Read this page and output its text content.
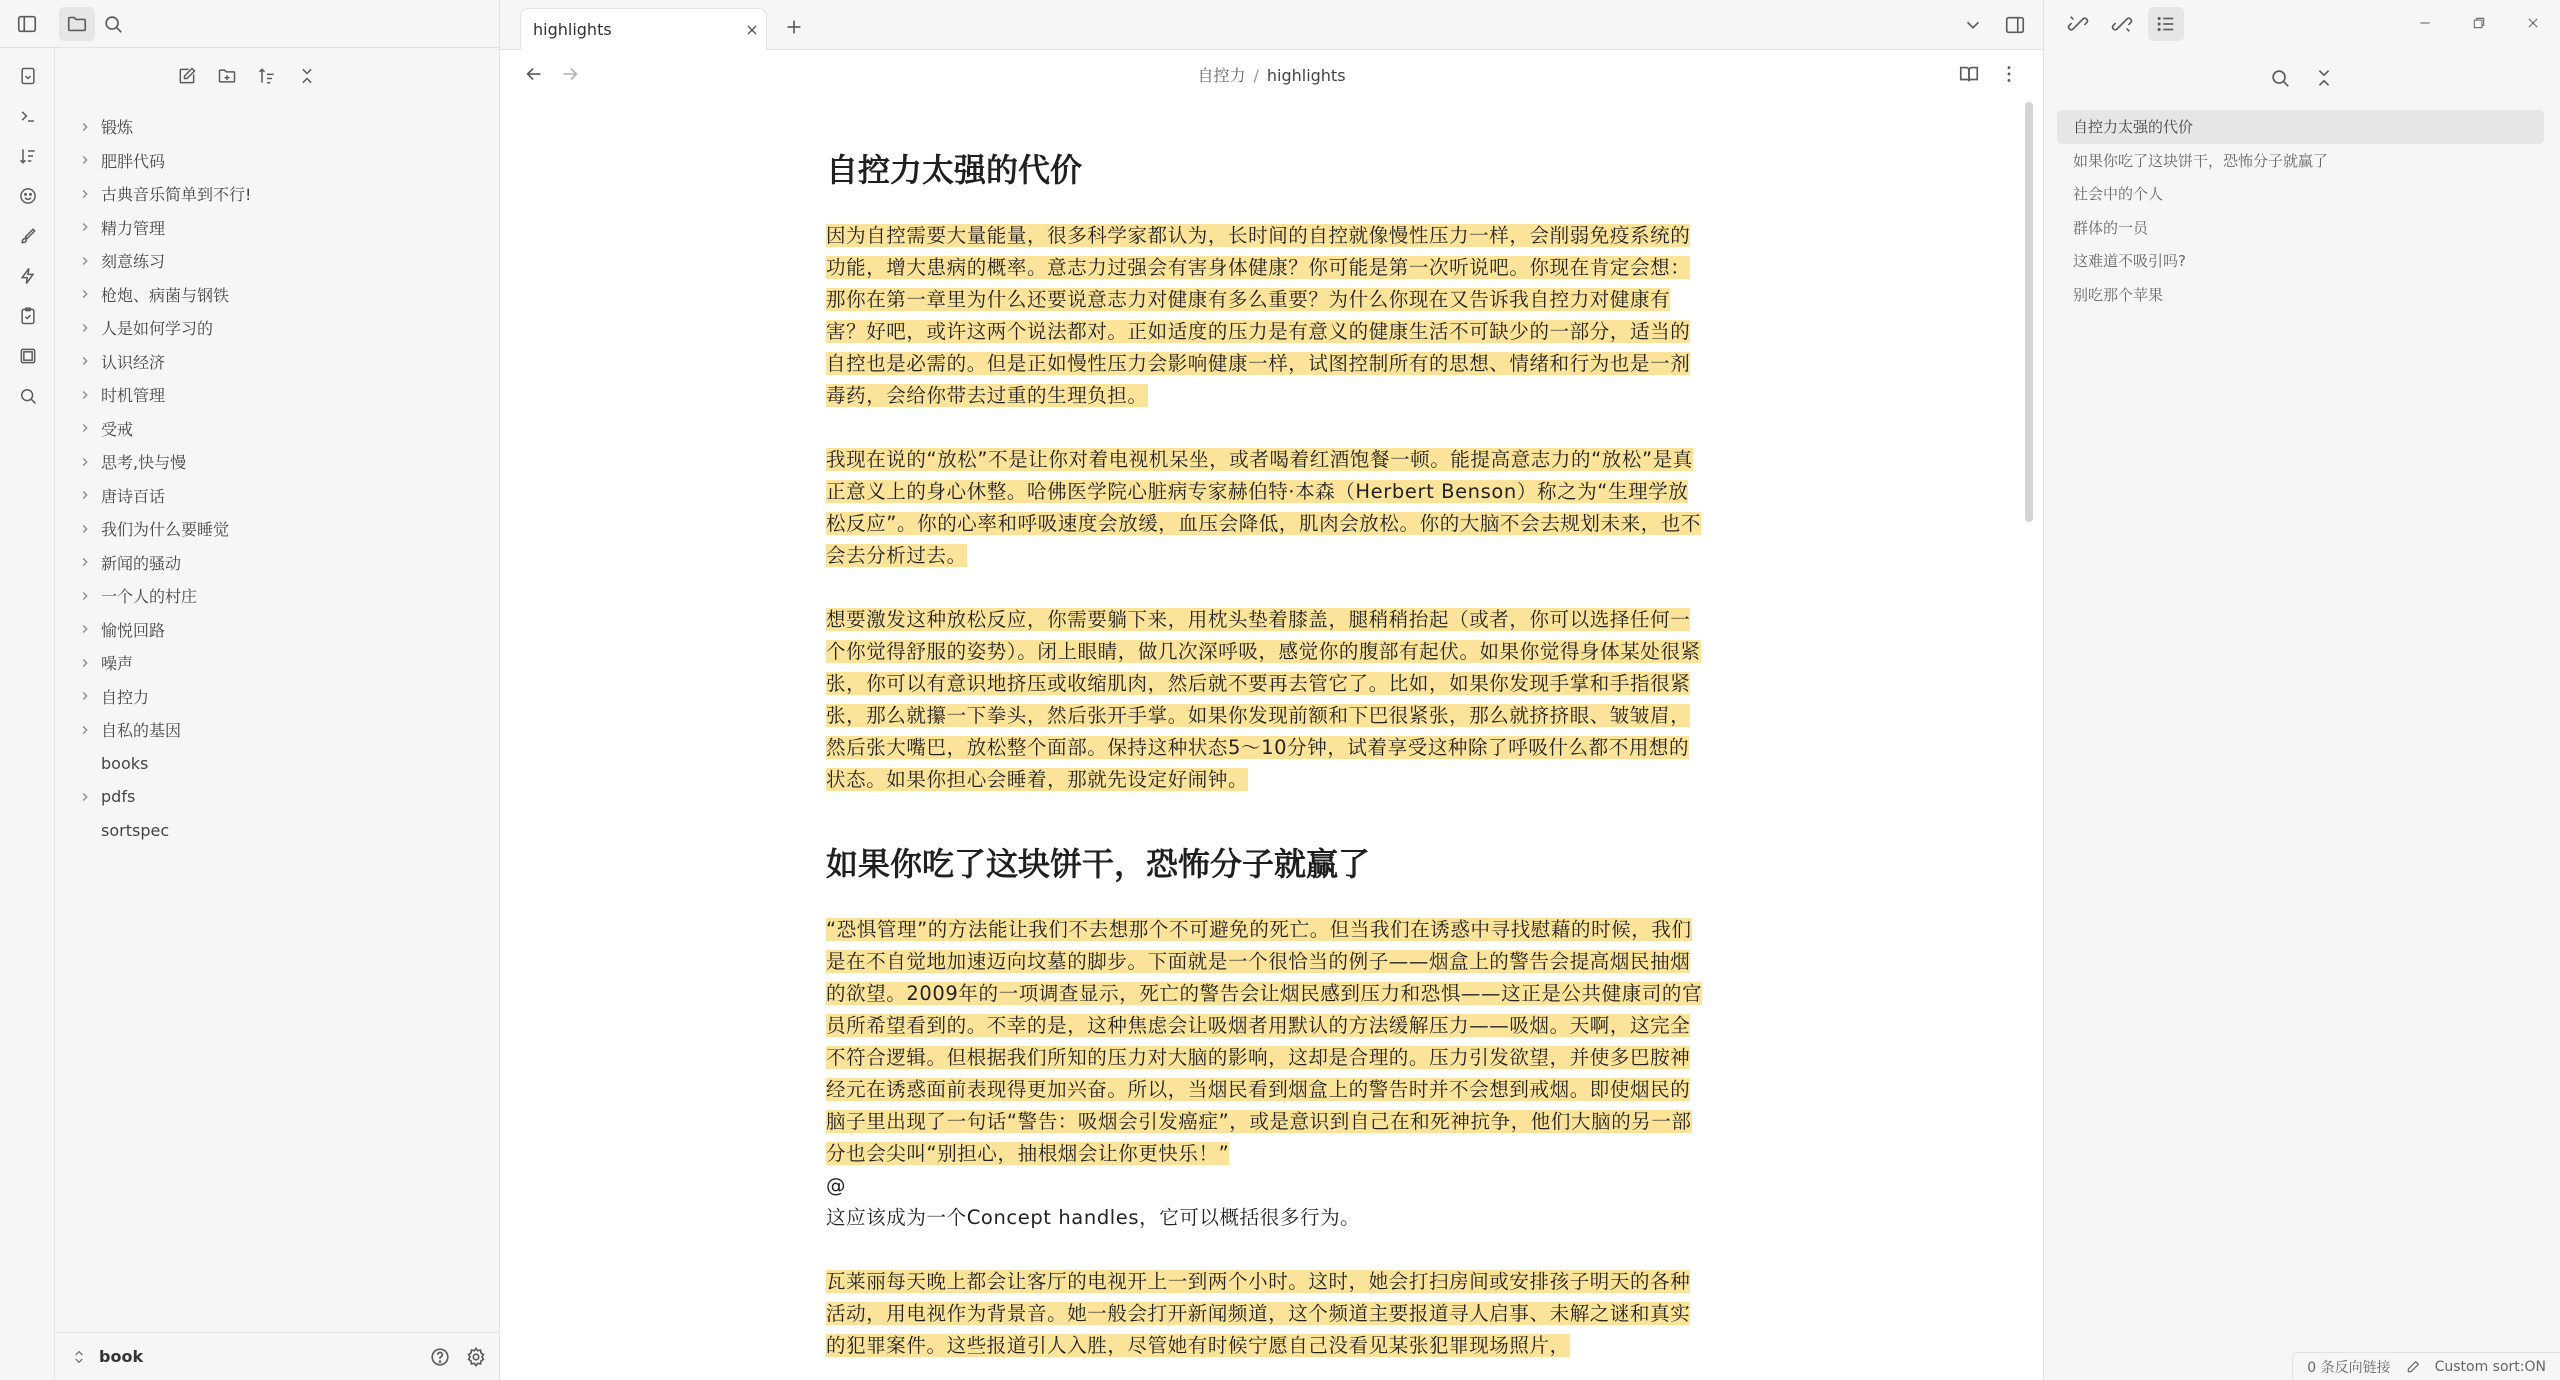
锻炼
肥胖代码
古典音乐简单到不行!
精力管理
刻意练习
枪炮、病菌与钢铁
人是如何学习的
认识经济
时机管理
受戒
思考,快与慢
唐诗百话
我们为什么要睡觉
新闻的骚动
一个人的村庄
愉悦回路
噪声
自控力
自私的基因
books
pdfs
sortspec
book
highlights
自控力 / highlights
自控力太强的代价

因为自控需要大量能量，很多科学家都认为，长时间的自控就像慢性压力一样，会削弱免疫系统的功能，增大患病的概率。意志力过强会有害身体健康？你可能是第一次听说吧。你现在肯定会想：那你在第一章里为什么还要说意志力对健康有多么重要？为什么你现在又告诉我自控力对健康有害？好吧，或许这两个说法都对。正如适度的压力是有意义的健康生活不可缺少的一部分，适当的自控也是必需的。但是正如慢性压力会影响健康一样，试图控制所有的思想、情绪和行为也是一剂毒药，会给你带去过重的生理负担。

我现在说的“放松”不是让你对着电视机呆坐，或者喝着红酒饱餐一顿。能提高意志力的“放松”是真正意义上的身心休整。哈佛医学院心脏病专家赫伯特·本森（Herbert Benson）称之为“生理学放松反应”。你的心率和呼吸速度会放缓，血压会降低，肌肉会放松。你的大脑不会去规划未来，也不会去分析过去。

想要激发这种放松反应，你需要躺下来，用枕头垫着膝盖，腿稍稍抬起（或者，你可以选择任何一个你觉得舒服的姿势）。闭上眼睛，做几次深呼吸，感觉你的腹部有起伏。如果你觉得身体某处很紧张，你可以有意识地挤压或收缩肌肉，然后就不要再去管它了。比如，如果你发现手掌和手指很紧张，那么就攥一下拳头，然后张开手掌。如果你发现前额和下巴很紧张，那么就挤挤眼、皱皱眉，然后张大嘴巴，放松整个面部。保持这种状态5～10分钟，试着享受这种除了呼吸什么都不用想的状态。如果你担心会睡着，那就先设定好闹钟。

如果你吃了这块饼干，恐怖分子就赢了

“恐惧管理”的方法能让我们不去想那个不可避免的死亡。但当我们在诱惑中寻找慰藉的时候，我们是在不自觉地加速迈向坟墓的脚步。下面就是一个很恰当的例子——烟盒上的警告会提高烟民抽烟的欲望。2009年的一项调查显示，死亡的警告会让烟民感到压力和恐惧——这正是公共健康司的官员所希望看到的。不幸的是，这种焦虑会让吸烟者用默认的方法缓解压力——吸烟。天啊，这完全不符合逻辑。但根据我们所知的压力对大脑的影响，这却是合理的。压力引发欲望，并使多巴胺神经元在诱惑面前表现得更加兴奋。所以，当烟民看到烟盒上的警告时并不会想到戒烟。即使烟民的脑子里出现了一句话“警告：吸烟会引发癌症”，或是意识到自己在和死神抗争，他们大脑的另一部分也会尖叫“别担心，抽根烟会让你更快乐！”

@

这应该成为一个Concept handles，它可以概括很多行为。

瓦莱丽每天晚上都会让客厅的电视开上一到两个小时。这时，她会打扫房间或安排孩子明天的各种活动，用电视作为背景音。她一般会打开新闻频道，这个频道主要报道寻人启事、未解之谜和真实的犯罪案件。这些报道引人入胜，尽管她有时候宁愿自己没看见某张犯罪现场照片，

自控力太强的代价
如果你吃了这块饼干，恐怖分子就赢了
社会中的个人
群体的一员
这难道不吸引吗?
别吃那个苹果
0 条反向链接	Custom sort:ON
